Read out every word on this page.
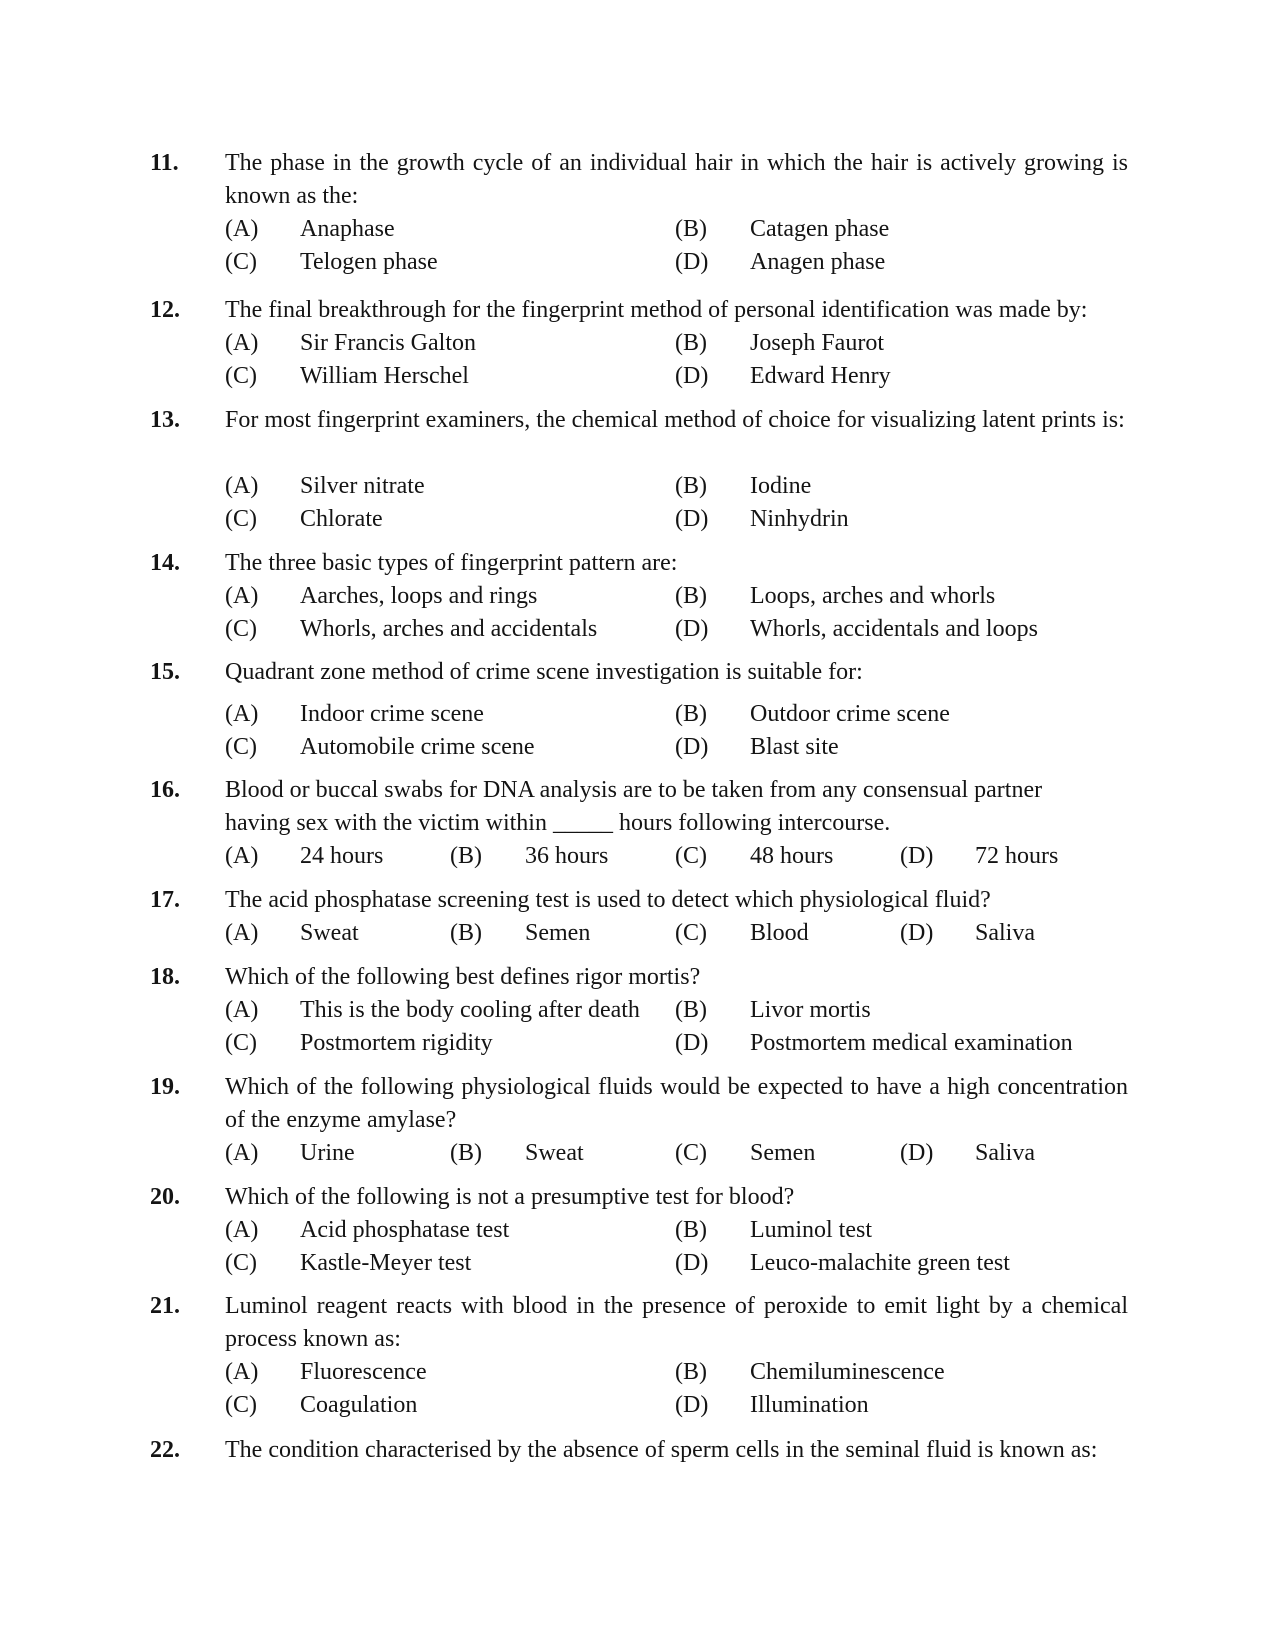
11. The phase in the growth cycle of an individual hair in which the hair is actively growing is known as the:
(A) Anaphase	(B) Catagen phase
(C) Telogen phase	(D) Anagen phase
12. The final breakthrough for the fingerprint method of personal identification was made by:
(A) Sir Francis Galton	(B) Joseph Faurot
(C) William Herschel	(D) Edward Henry
13. For most fingerprint examiners, the chemical method of choice for visualizing latent prints is:
(A) Silver nitrate	(B) Iodine
(C) Chlorate	(D) Ninhydrin
14. The three basic types of fingerprint pattern are:
(A) Aarches, loops and rings	(B) Loops, arches and whorls
(C) Whorls, arches and accidentals	(D) Whorls, accidentals and loops
15. Quadrant zone method of crime scene investigation is suitable for:
(A) Indoor crime scene	(B) Outdoor crime scene
(C) Automobile crime scene	(D) Blast site
16. Blood or buccal swabs for DNA analysis are to be taken from any consensual partner having sex with the victim within _____ hours following intercourse.
(A) 24 hours	(B) 36 hours	(C) 48 hours	(D) 72 hours
17. The acid phosphatase screening test is used to detect which physiological fluid?
(A) Sweat	(B) Semen	(C) Blood	(D) Saliva
18. Which of the following best defines rigor mortis?
(A) This is the body cooling after death (B) Livor mortis
(C) Postmortem rigidity	(D) Postmortem medical examination
19. Which of the following physiological fluids would be expected to have a high concentration of the enzyme amylase?
(A) Urine	(B) Sweat	(C) Semen	(D) Saliva
20. Which of the following is not a presumptive test for blood?
(A) Acid phosphatase test	(B) Luminol test
(C) Kastle-Meyer test	(D) Leuco-malachite green test
21. Luminol reagent reacts with blood in the presence of peroxide to emit light by a chemical process known as:
(A) Fluorescence	(B) Chemiluminescence
(C) Coagulation	(D) Illumination
22. The condition characterised by the absence of sperm cells in the seminal fluid is known as:
